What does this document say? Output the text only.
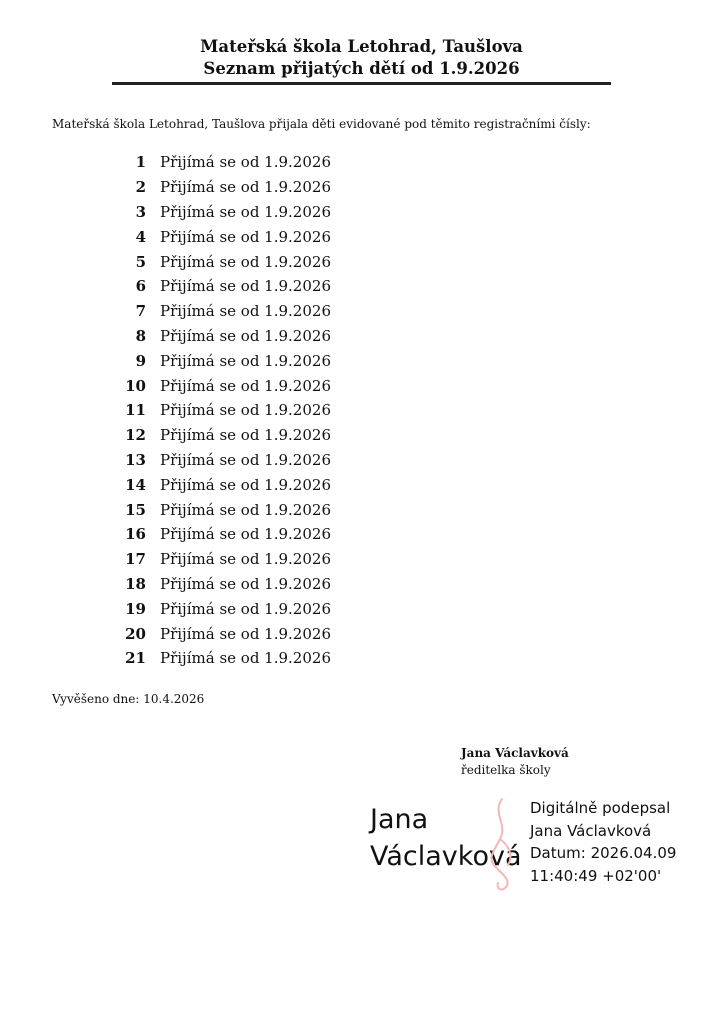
Mateřská škola Letohrad, Taušlova
Seznam přijatých dětí od 1.9.2026
Mateřská škola Letohrad, Taušlova přijala děti evidované pod těmito registračními čísly:
1 Přijímá se od 1.9.2026
2 Přijímá se od 1.9.2026
3 Přijímá se od 1.9.2026
4 Přijímá se od 1.9.2026
5 Přijímá se od 1.9.2026
6 Přijímá se od 1.9.2026
7 Přijímá se od 1.9.2026
8 Přijímá se od 1.9.2026
9 Přijímá se od 1.9.2026
10 Přijímá se od 1.9.2026
11 Přijímá se od 1.9.2026
12 Přijímá se od 1.9.2026
13 Přijímá se od 1.9.2026
14 Přijímá se od 1.9.2026
15 Přijímá se od 1.9.2026
16 Přijímá se od 1.9.2026
17 Přijímá se od 1.9.2026
18 Přijímá se od 1.9.2026
19 Přijímá se od 1.9.2026
20 Přijímá se od 1.9.2026
21 Přijímá se od 1.9.2026
Vyvěšeno dne: 10.4.2026
Jana Václavková
ředitelka školy
Jana
Václavková
Digitálně podepsal
Jana Václavková
Datum: 2026.04.09
11:40:49 +02'00'
